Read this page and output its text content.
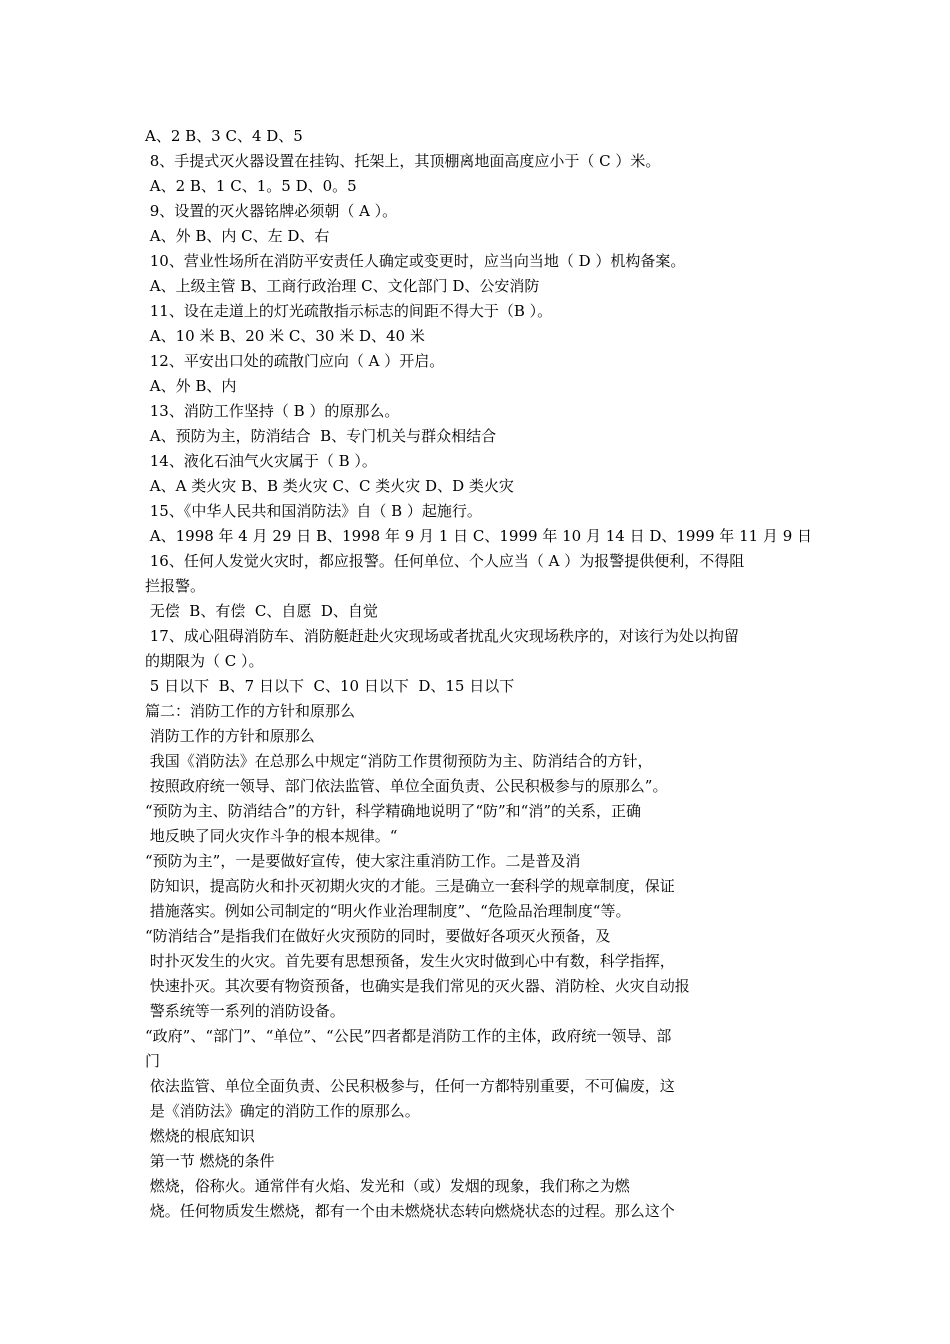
A、2 B、3 C、4 D、5
8、手提式灭火器设置在挂钩、托架上，其顶棚离地面高度应小于（ C ）米。
A、2 B、1 C、1。5 D、0。5
9、设置的灭火器铭牌必须朝（ A ）。
A、外 B、内 C、左 D、右
10、营业性场所在消防平安责任人确定或变更时，应当向当地（ D ）机构备案。
A、上级主管 B、工商行政治理 C、文化部门 D、公安消防
11、设在走道上的灯光疏散指示标志的间距不得大于（B ）。
A、10 米 B、20 米 C、30 米 D、40 米
12、平安出口处的疏散门应向（ A ）开启。
A、外 B、内
13、消防工作坚持（ B ）的原那么。
A、预防为主，防消结合  B、专门机关与群众相结合
14、液化石油气火灾属于（ B ）。
A、A 类火灾 B、B 类火灾 C、C 类火灾 D、D 类火灾
15、《中华人民共和国消防法》自（ B ）起施行。
A、1998 年 4 月 29 日 B、1998 年 9 月 1 日 C、1999 年 10 月 14 日 D、1999 年 11 月 9 日
16、任何人发觉火灾时，都应报警。任何单位、个人应当（ A ）为报警提供便利，不得阻
拦报警。
无偿  B、有偿  C、自愿  D、自觉
17、成心阻碍消防车、消防艇赶赴火灾现场或者扰乱火灾现场秩序的，对该行为处以拘留
的期限为（ C ）。
5 日以下  B、7 日以下  C、10 日以下  D、15 日以下
篇二：消防工作的方针和原那么
消防工作的方针和原那么
我国《消防法》在总那么中规定“消防工作贯彻预防为主、防消结合的方针，
按照政府统一领导、部门依法监管、单位全面负责、公民积极参与的原那么”。
“预防为主、防消结合”的方针，科学精确地说明了“防”和“消”的关系，正确
地反映了同火灾作斗争的根本规律。“
“预防为主”，一是要做好宣传，使大家注重消防工作。二是普及消
防知识，提高防火和扑灭初期火灾的才能。三是确立一套科学的规章制度，保证
措施落实。例如公司制定的“明火作业治理制度”、“危险品治理制度“等。
“防消结合”是指我们在做好火灾预防的同时，要做好各项灭火预备，及
时扑灭发生的火灾。首先要有思想预备，发生火灾时做到心中有数，科学指挥，
快速扑灭。其次要有物资预备，也确实是我们常见的灭火器、消防栓、火灾自动报
警系统等一系列的消防设备。
“政府”、“部门”、“单位”、“公民”四者都是消防工作的主体，政府统一领导、部
门
依法监管、单位全面负责、公民积极参与，任何一方都特别重要，不可偏废，这
是《消防法》确定的消防工作的原那么。
燃烧的根底知识
第一节 燃烧的条件
燃烧，俗称火。通常伴有火焰、发光和（或）发烟的现象，我们称之为燃
烧。任何物质发生燃烧，都有一个由未燃烧状态转向燃烧状态的过程。那么这个
